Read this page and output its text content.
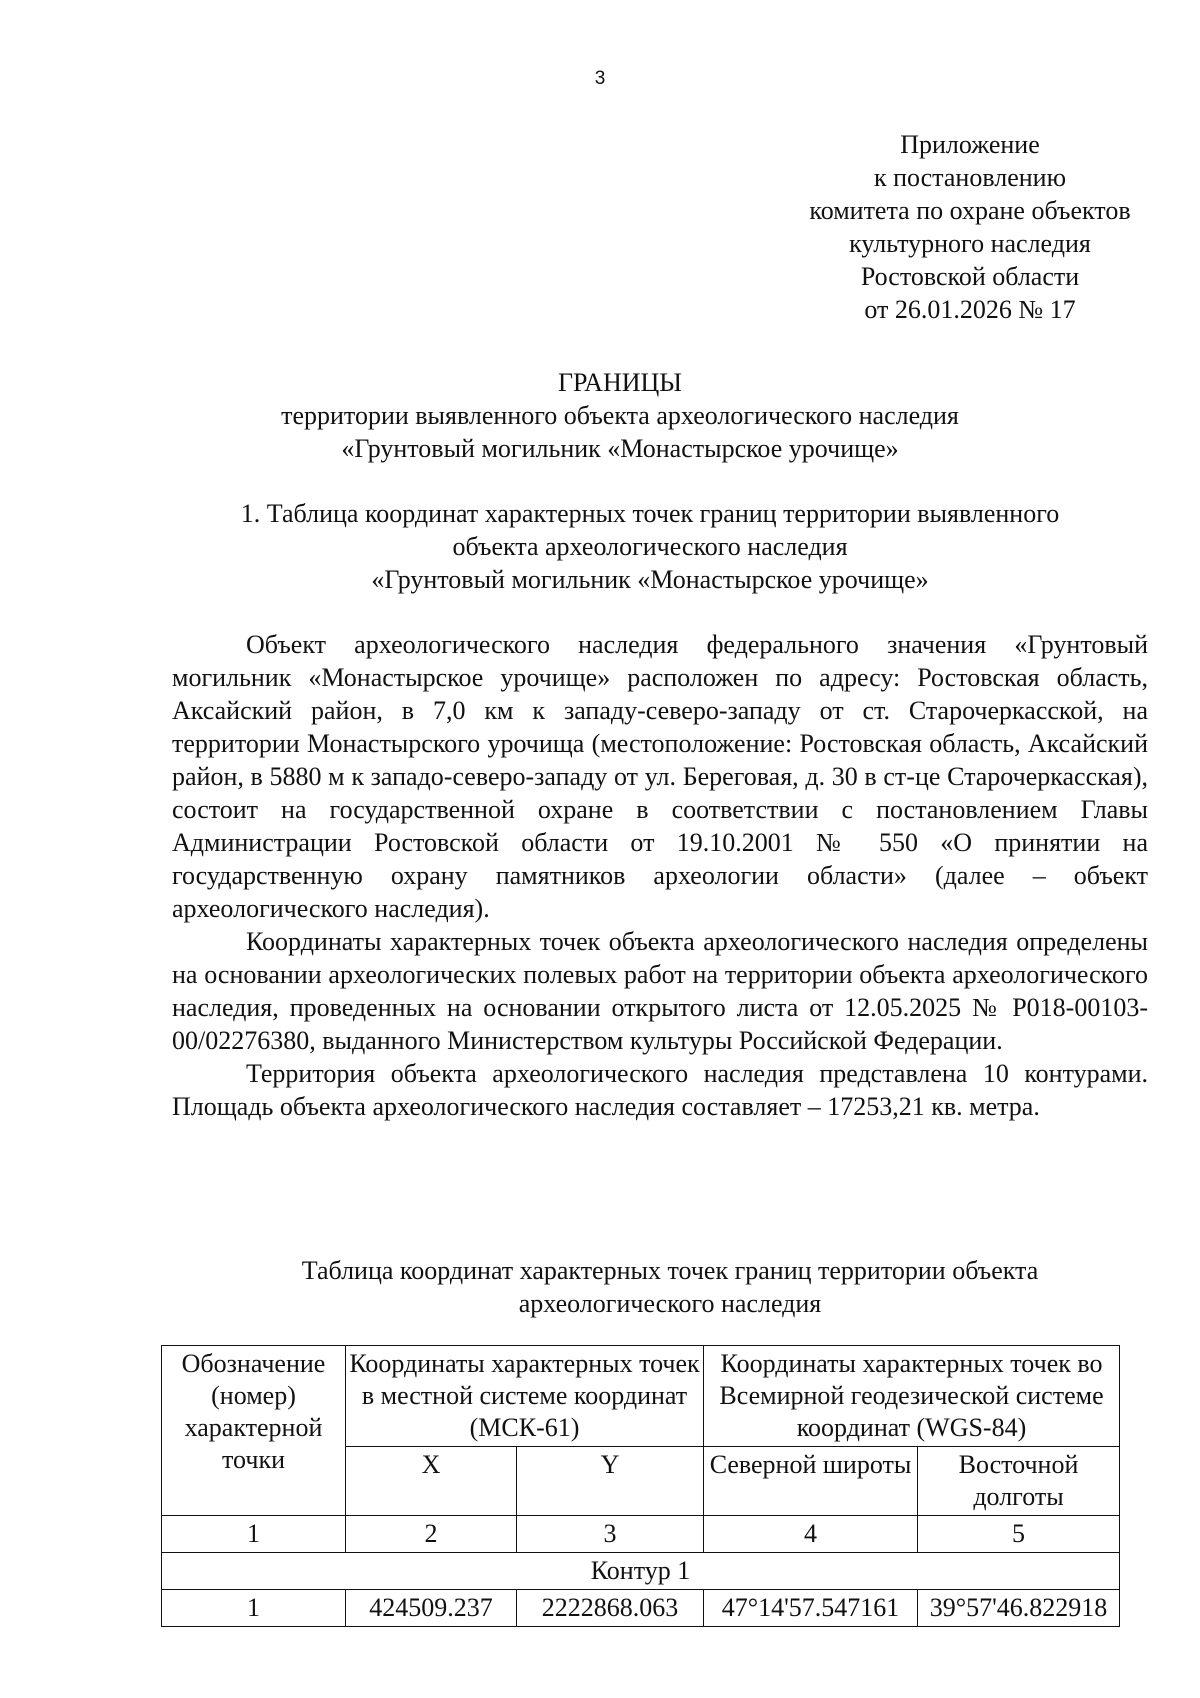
3
Приложение
к постановлению
комитета по охране объектов
культурного наследия
Ростовской области
от 26.01.2026 № 17
ГРАНИЦЫ
территории выявленного объекта археологического наследия
«Грунтовый могильник «Монастырское урочище»
1. Таблица координат характерных точек границ территории выявленного
объекта археологического наследия
«Грунтовый могильник «Монастырское урочище»

Объект археологического наследия федерального значения «Грунтовый могильник «Монастырское урочище» расположен по адресу: Ростовская область, Аксайский район, в 7,0 км к западу-северо-западу от ст. Старочеркасской, на территории Монастырского урочища (местоположение: Ростовская область, Аксайский район, в 5880 м к западо-северо-западу от ул. Береговая, д. 30 в ст-це Старочеркасская), состоит на государственной охране в соответствии с постановлением Главы Администрации Ростовской области от 19.10.2001 № 550 «О принятии на государственную охрану памятников археологии области» (далее – объект археологического наследия).

Координаты характерных точек объекта археологического наследия определены на основании археологических полевых работ на территории объекта археологического наследия, проведенных на основании открытого листа от 12.05.2025 № Р018-00103-00/02276380, выданного Министерством культуры Российской Федерации.

Территория объекта археологического наследия представлена 10 контурами. Площадь объекта археологического наследия составляет – 17253,21 кв. метра.

Таблица координат характерных точек границ территории объекта
археологического наследия
Обозначение (номер) характерной точки	Координаты характерных точек в местной системе координат (МСК-61)		Координаты характерных точек во Всемирной геодезической системе координат (WGS-84)	
	X	Y	Северной широты	Восточной долготы
1	2	3	4	5
Контур 1				
1	424509.237	2222868.063	47°14'57.547161	39°57'46.822918
